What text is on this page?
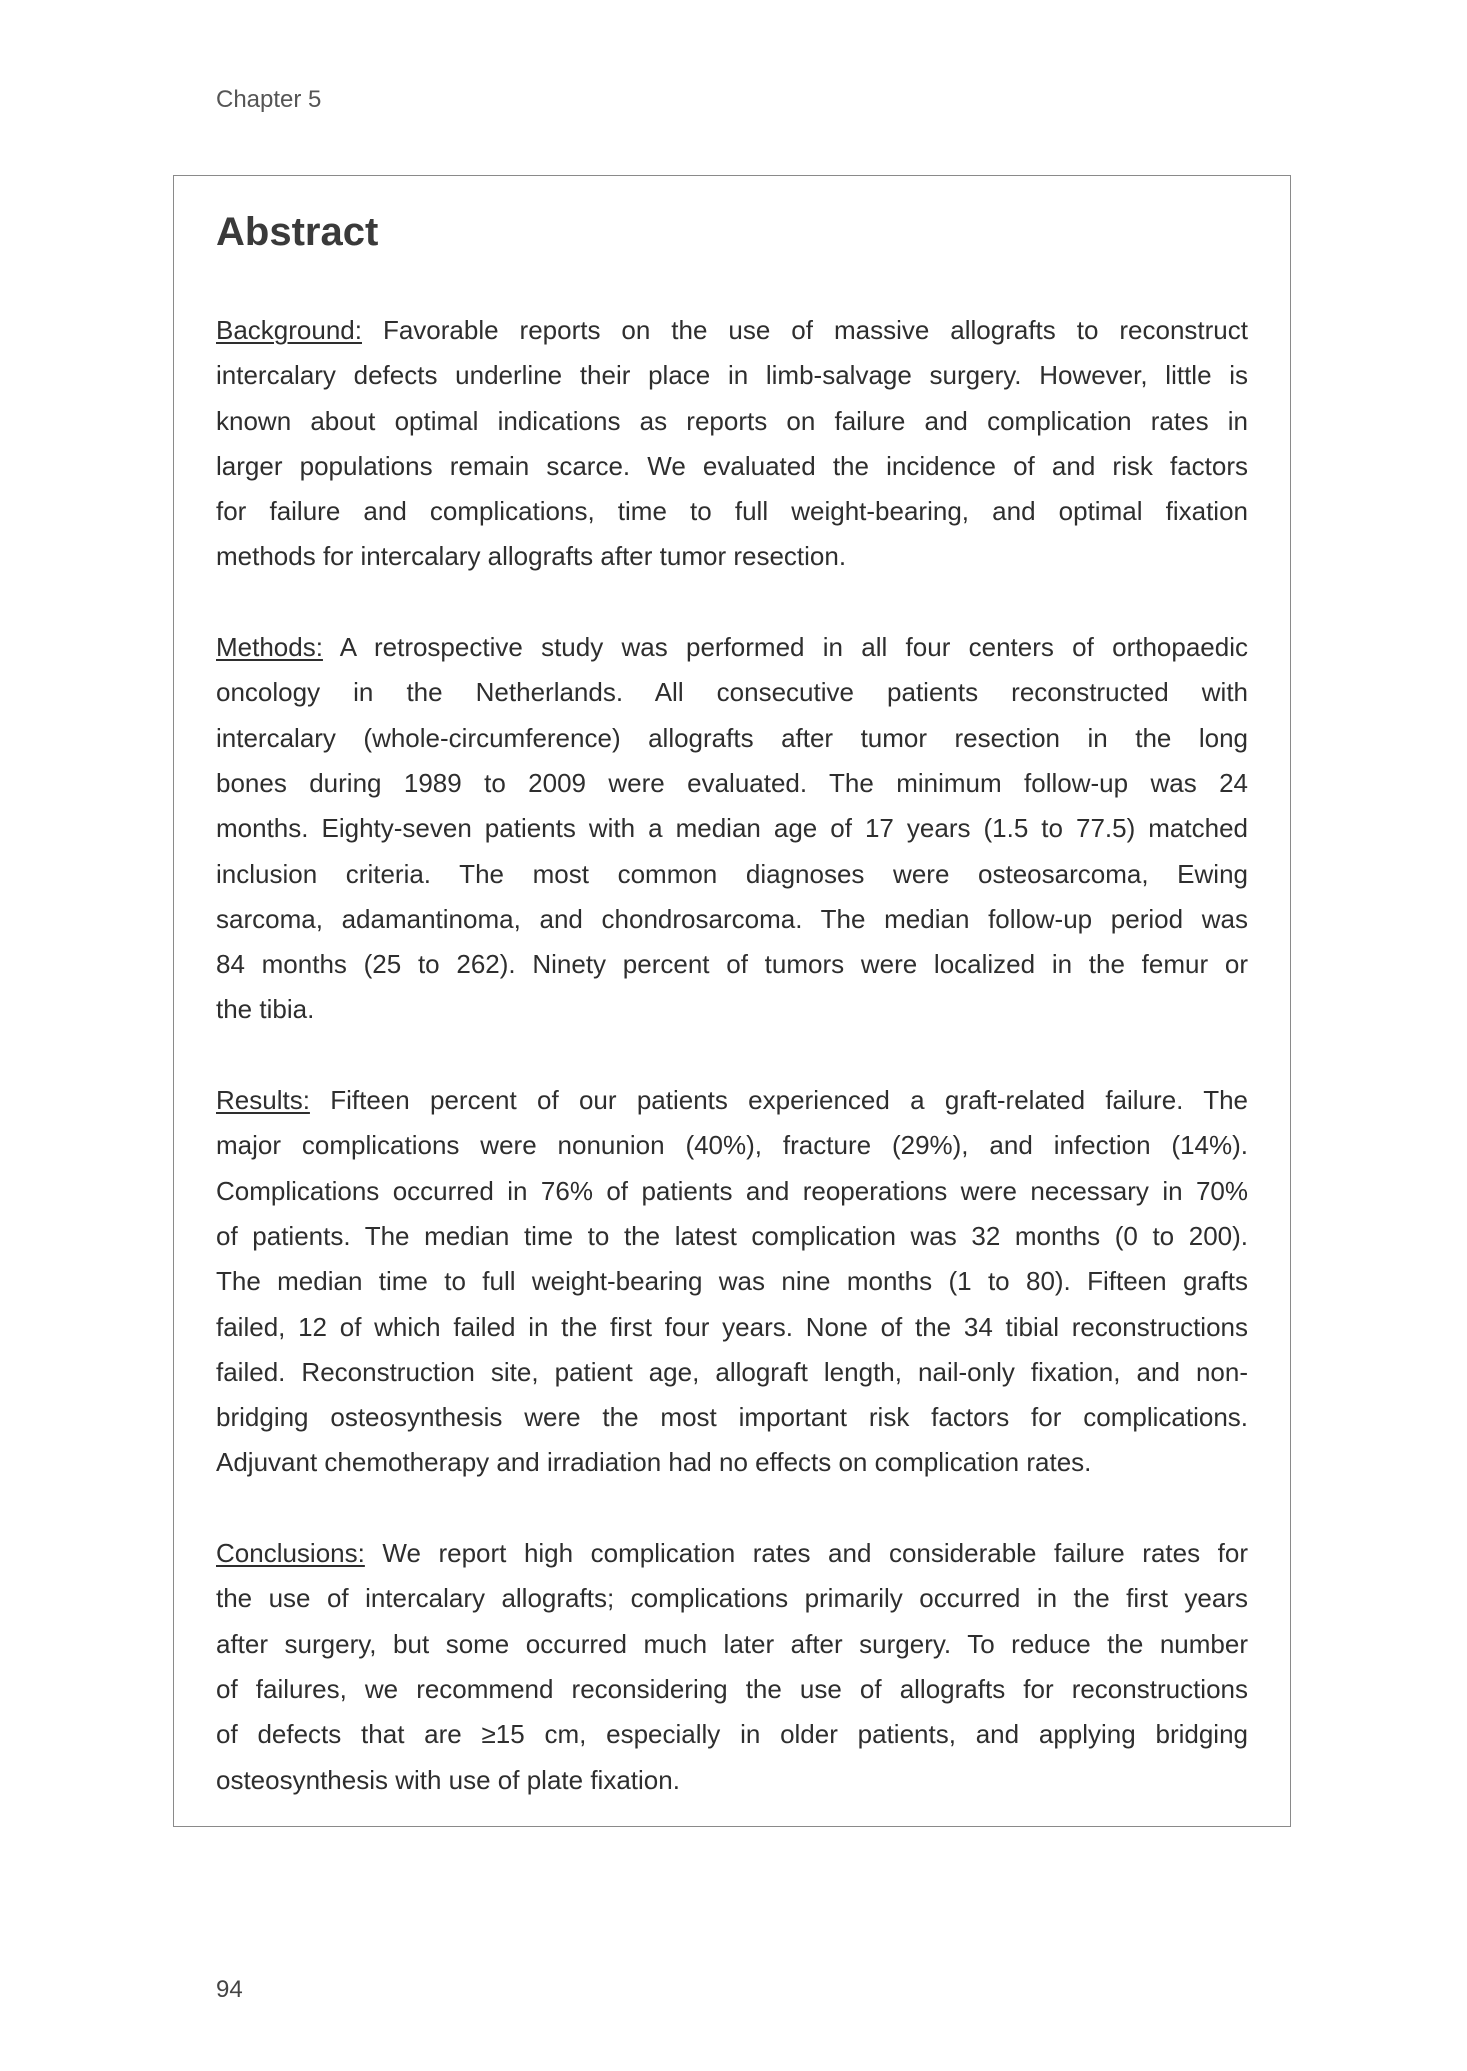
Chapter 5
Abstract
Background: Favorable reports on the use of massive allografts to reconstruct
intercalary defects underline their place in limb-salvage surgery. However, little is
known about optimal indications as reports on failure and complication rates in
larger populations remain scarce. We evaluated the incidence of and risk factors
for failure and complications, time to full weight-bearing, and optimal fixation
methods for intercalary allografts after tumor resection.
Methods: A retrospective study was performed in all four centers of orthopaedic
oncology in the Netherlands. All consecutive patients reconstructed with
intercalary (whole-circumference) allografts after tumor resection in the long
bones during 1989 to 2009 were evaluated. The minimum follow-up was 24
months. Eighty-seven patients with a median age of 17 years (1.5 to 77.5) matched
inclusion criteria. The most common diagnoses were osteosarcoma, Ewing
sarcoma, adamantinoma, and chondrosarcoma. The median follow-up period was
84 months (25 to 262). Ninety percent of tumors were localized in the femur or
the tibia.
Results: Fifteen percent of our patients experienced a graft-related failure. The
major complications were nonunion (40%), fracture (29%), and infection (14%).
Complications occurred in 76% of patients and reoperations were necessary in 70%
of patients. The median time to the latest complication was 32 months (0 to 200).
The median time to full weight-bearing was nine months (1 to 80). Fifteen grafts
failed, 12 of which failed in the first four years. None of the 34 tibial reconstructions
failed. Reconstruction site, patient age, allograft length, nail-only fixation, and non-
bridging osteosynthesis were the most important risk factors for complications.
Adjuvant chemotherapy and irradiation had no effects on complication rates.
Conclusions: We report high complication rates and considerable failure rates for
the use of intercalary allografts; complications primarily occurred in the first years
after surgery, but some occurred much later after surgery. To reduce the number
of failures, we recommend reconsidering the use of allografts for reconstructions
of defects that are ≥15 cm, especially in older patients, and applying bridging
osteosynthesis with use of plate fixation.
94
